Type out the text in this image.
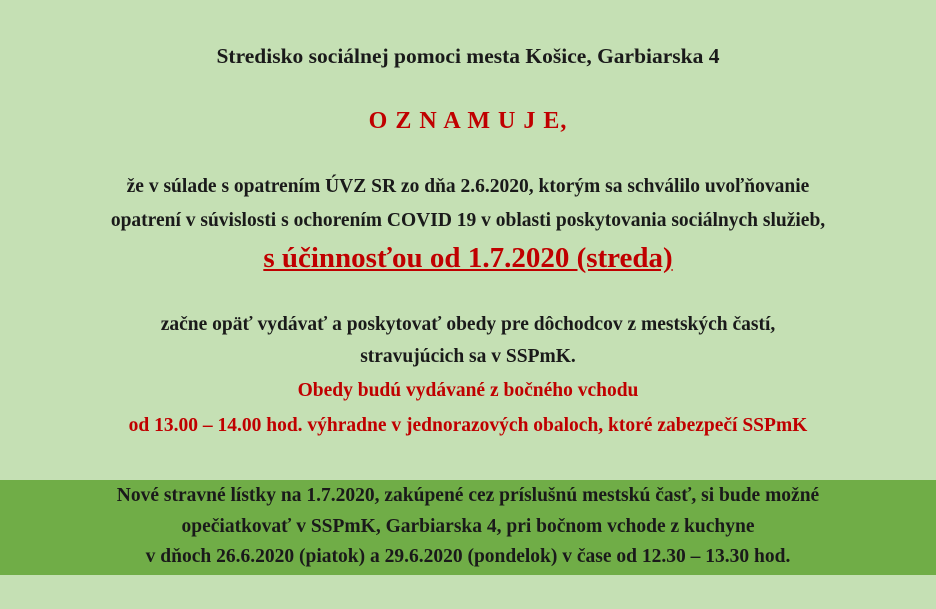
Stredisko sociálnej pomoci mesta Košice, Garbiarska 4
O Z N A M U J E,
že v súlade s opatrením ÚVZ SR zo dňa 2.6.2020, ktorým sa schválilo uvoľňovanie
opatrení v súvislosti s ochorením COVID 19 v oblasti poskytovania sociálnych služieb,
s účinnosťou od 1.7.2020 (streda)
začne opäť vydávať a poskytovať obedy pre dôchodcov z mestských častí,
stravujúcich sa v SSPmK.
Obedy budú vydávané z bočného vchodu
od 13.00 – 14.00 hod. výhradne v jednorazových obaloch, ktoré zabezpečí SSPmK
Nové stravné lístky na 1.7.2020, zakúpené cez príslušnú mestskú časť, si bude možné
opečiatkovať v SSPmK, Garbiarska 4, pri bočnom vchode z kuchyne
v dňoch 26.6.2020 (piatok) a 29.6.2020 (pondelok) v čase od 12.30 – 13.30 hod.
